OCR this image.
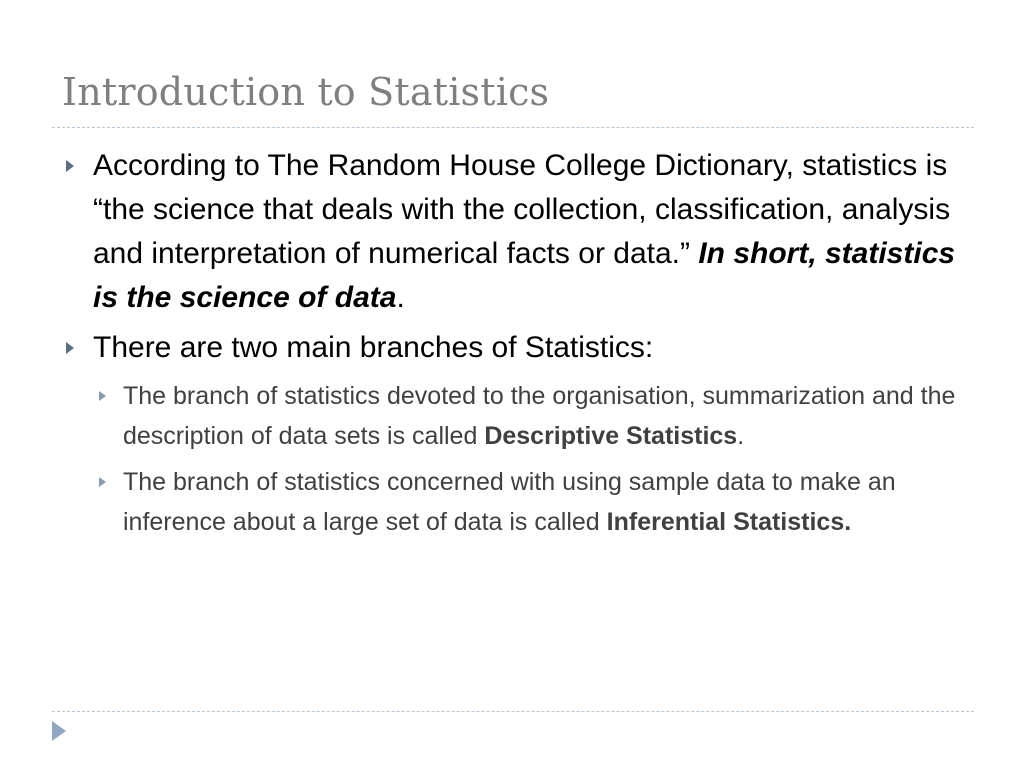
Introduction to Statistics
According to The Random House College Dictionary, statistics is “the science that deals with the collection, classification, analysis and interpretation of numerical facts or data.” In short, statistics is the science of data.
There are two main branches of Statistics:
The branch of statistics devoted to the organisation, summarization and the description of data sets is called Descriptive Statistics.
The branch of statistics concerned with using sample data to make an inference about a large set of data is called Inferential Statistics.
